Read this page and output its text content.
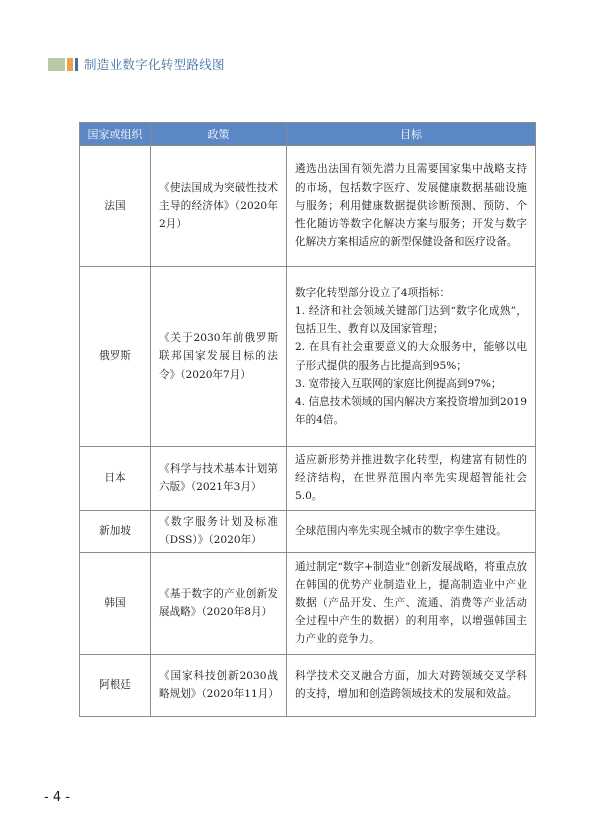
制造业数字化转型路线图
国家或组织	政策	目标
法国	《使法国成为突破性技术主导的经济体》（2020年2月）	遴选出法国有领先潜力且需要国家集中战略支持的市场，包括数字医疗、发展健康数据基础设施与服务；利用健康数据提供诊断预测、预防、个性化随访等数字化解决方案与服务；开发与数字化解决方案相适应的新型保健设备和医疗设备。

俄罗斯	《关于2030年前俄罗斯联邦国家发展目标的法令》（2020年7月）	数字化转型部分设立了4项指标：
1. 经济和社会领域关键部门达到“数字化成熟”，包括卫生、教育以及国家管理；
2. 在具有社会重要意义的大众服务中，能够以电子形式提供的服务占比提高到95%；
3. 宽带接入互联网的家庭比例提高到97%；
4. 信息技术领域的国内解决方案投资增加到2019年的4倍。

日本	《科学与技术基本计划第六版》（2021年3月）	适应新形势并推进数字化转型，构建富有韧性的经济结构，在世界范围内率先实现超智能社会5.0。

新加坡	《数字服务计划及标准（DSS）》（2020年）	全球范围内率先实现全城市的数字孪生建设。

韩国	《基于数字的产业创新发展战略》（2020年8月）	通过制定“数字+制造业”创新发展战略，将重点放在韩国的优势产业制造业上，提高制造业中产业数据（产品开发、生产、流通、消费等产业活动全过程中产生的数据）的利用率，以增强韩国主力产业的竞争力。

阿根廷	《国家科技创新2030战略规划》（2020年11月）	科学技术交叉融合方面，加大对跨领域交叉学科的支持，增加和创造跨领域技术的发展和效益。
- 4 -
